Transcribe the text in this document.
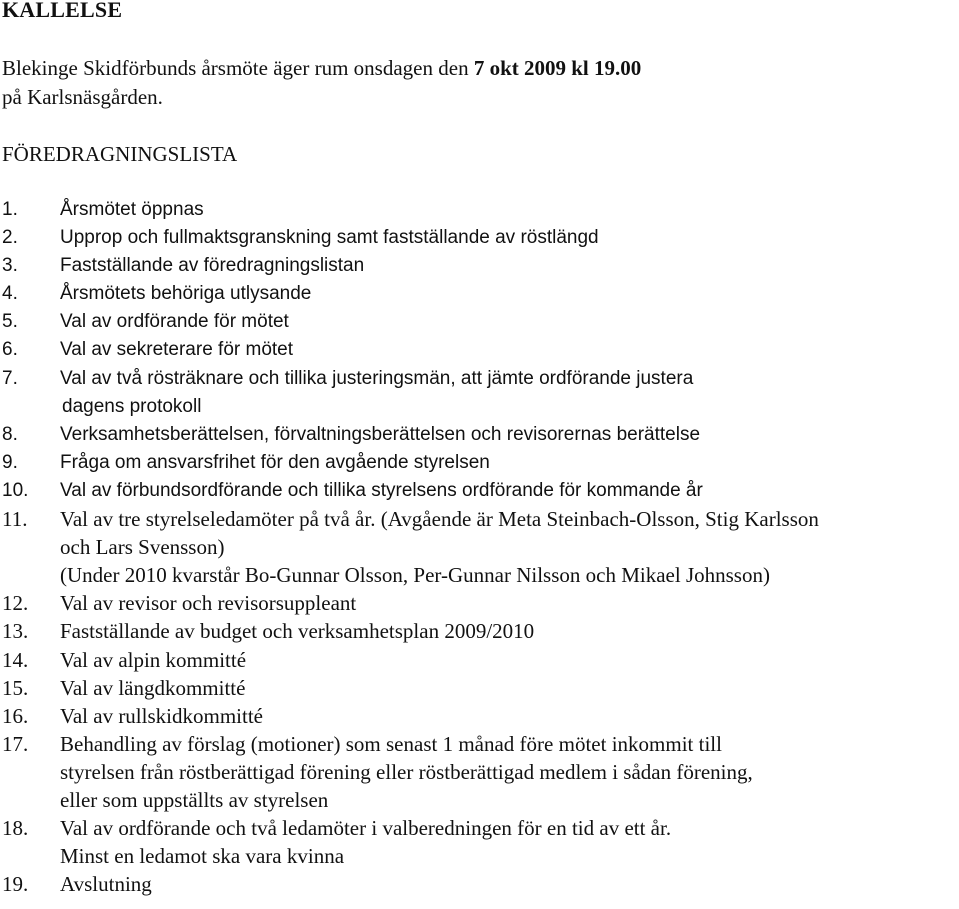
KALLELSE
Blekinge Skidförbunds årsmöte äger rum onsdagen den 7 okt 2009 kl 19.00
på Karlsnäsgården.
FÖREDRAGNINGSLISTA
1.	Årsmötet öppnas
2.	Upprop och fullmaktsgranskning samt fastställande av röstlängd
3.	Fastställande av föredragningslistan
4.	Årsmötets behöriga utlysande
5.	Val av ordförande för mötet
6.	Val av sekreterare för mötet
7.	Val av två rösträknare och tillika justeringsmän, att jämte ordförande justera
dagens protokoll
8.	Verksamhetsberättelsen, förvaltningsberättelsen och revisorernas berättelse
9.	Fråga om ansvarsfrihet för den avgående styrelsen
10.	Val av förbundsordförande och tillika styrelsens ordförande för kommande år
11.	Val av tre styrelseledamöter på två år. (Avgående är Meta Steinbach-Olsson, Stig Karlsson
och Lars Svensson)
(Under 2010 kvarstår Bo-Gunnar Olsson, Per-Gunnar Nilsson och Mikael Johnsson)
12.	Val av revisor och revisorsuppleant
13.	Fastställande av budget och verksamhetsplan 2009/2010
14.	Val av alpin kommitté
15.	Val av längdkommitté
16.	Val av rullskidkommitté
17.	Behandling av förslag (motioner) som senast 1 månad före mötet inkommit till
styrelsen från röstberättigad förening eller röstberättigad medlem i sådan förening,
eller som uppställts av styrelsen
18.	Val av ordförande och två ledamöter i valberedningen för en tid av ett år.
Minst en ledamot ska vara kvinna
19.	Avslutning
